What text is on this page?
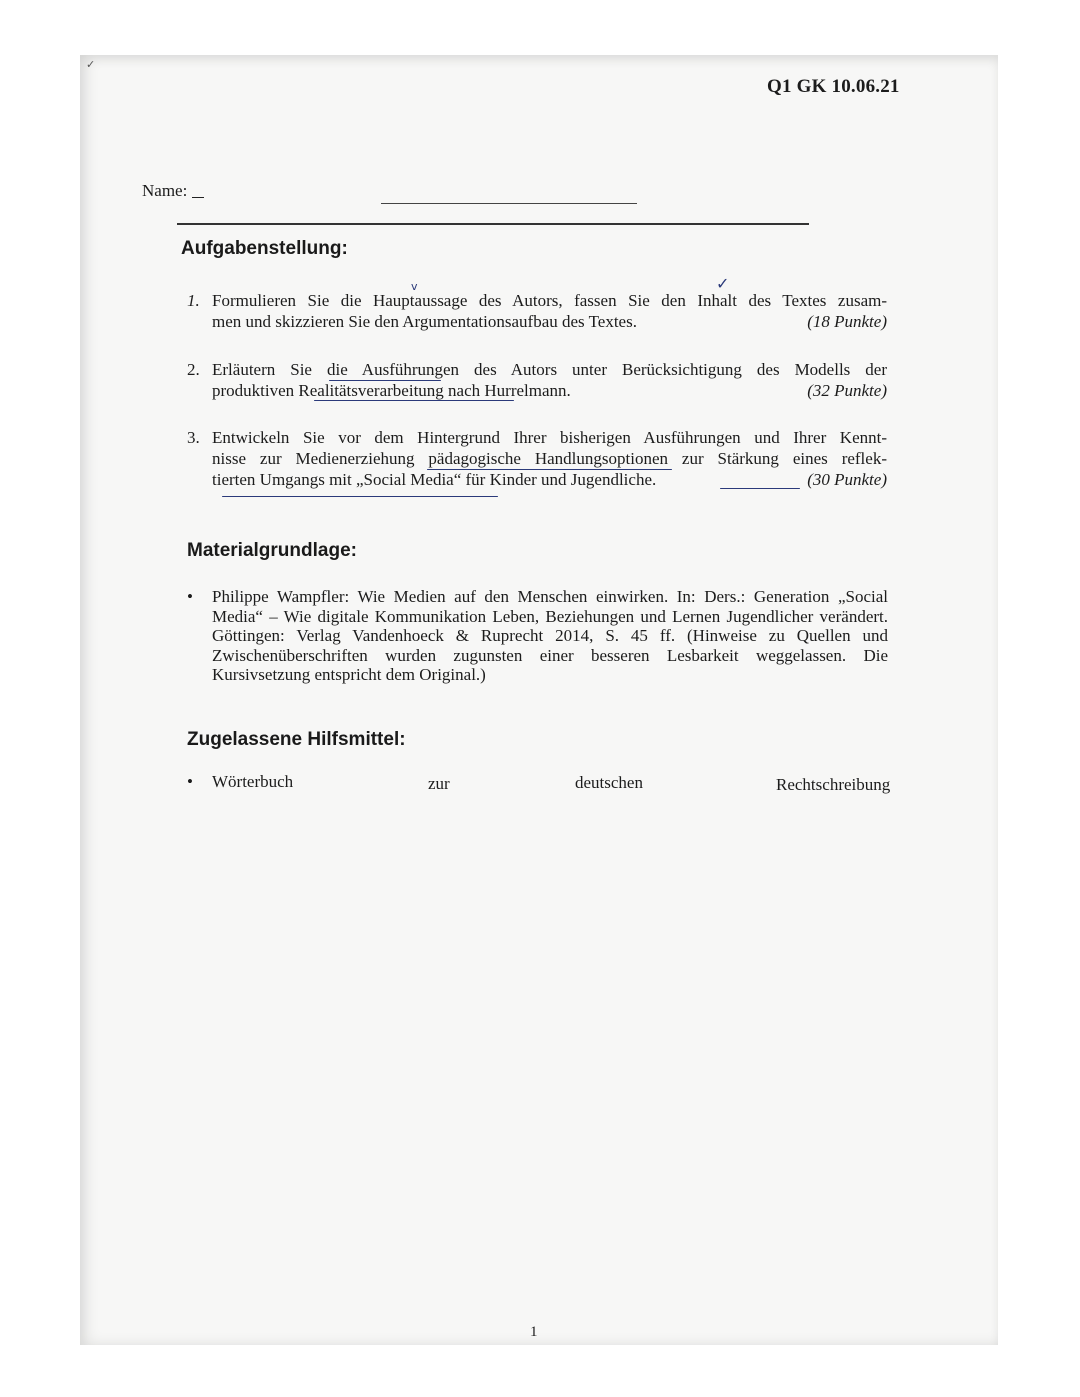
✓
Q1 GK 10.06.21
Name:
Aufgabenstellung:
1. Formulieren Sie die Hauptaussage des Autors, fassen Sie den Inhalt des Textes zusam-
men und skizzieren Sie den Argumentationsaufbau des Textes.	(18 Punkte)
v	✓
2. Erläutern Sie die Ausführungen des Autors unter Berücksichtigung des Modells der
produktiven Realitätsverarbeitung nach Hurrelmann.	(32 Punkte)
3. Entwickeln Sie vor dem Hintergrund Ihrer bisherigen Ausführungen und Ihrer Kennt-
nisse zur Medienerziehung pädagogische Handlungsoptionen zur Stärkung eines reflek-
tierten Umgangs mit „Social Media“ für Kinder und Jugendliche.	(30 Punkte)
Materialgrundlage:
•	Philippe Wampfler: Wie Medien auf den Menschen einwirken. In: Ders.: Generation „Social Media“ – Wie digitale Kommunikation Leben, Beziehungen und Lernen Jugendlicher verändert. Göttingen: Verlag Vandenhoeck & Ruprecht 2014, S. 45 ff. (Hinweise zu Quellen und Zwischenüberschriften wurden zugunsten einer besseren Lesbarkeit weggelassen. Die Kursivsetzung entspricht dem Original.)
Zugelassene Hilfsmittel:
• Wörterbuch	zur	deutschen	Rechtschreibung
1
